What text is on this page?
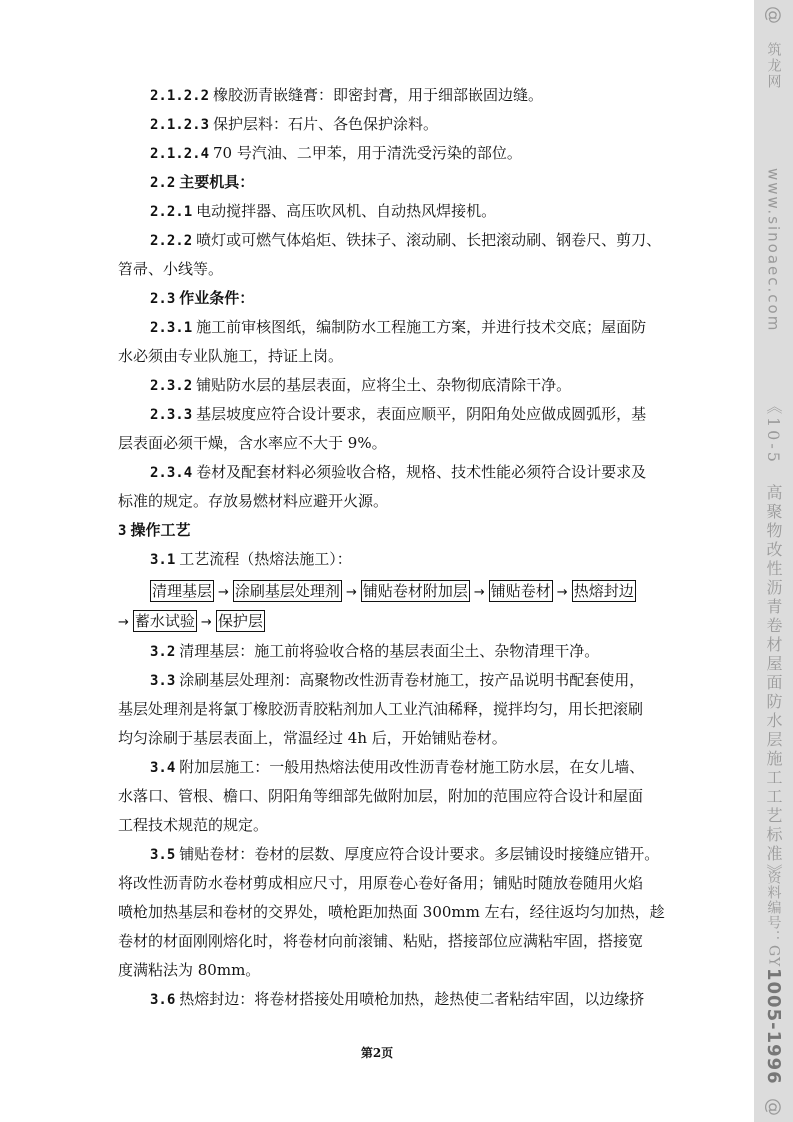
2.1.2.2 橡胶沥青嵌缝膏：即密封膏，用于细部嵌固边缝。
2.1.2.3 保护层料：石片、各色保护涂料。
2.1.2.4 70 号汽油、二甲苯，用于清洗受污染的部位。
2.2 主要机具：
2.2.1 电动搅拌器、高压吹风机、自动热风焊接机。
2.2.2 喷灯或可燃气体焰炬、铁抹子、滚动刷、长把滚动刷、钢卷尺、剪刀、
笤帚、小线等。
2.3 作业条件：
2.3.1 施工前审核图纸，编制防水工程施工方案，并进行技术交底；屋面防
水必须由专业队施工，持证上岗。
2.3.2 铺贴防水层的基层表面，应将尘土、杂物彻底清除干净。
2.3.3 基层坡度应符合设计要求，表面应顺平，阴阳角处应做成圆弧形，基
层表面必须干燥，含水率应不大于 9%。
2.3.4 卷材及配套材料必须验收合格，规格、技术性能必须符合设计要求及
标准的规定。存放易燃材料应避开火源。
3 操作工艺
3.1 工艺流程（热熔法施工）：
清理基层 → 涂刷基层处理剂 → 铺贴卷材附加层 → 铺贴卷材 → 热熔封边
→ 蓄水试验 → 保护层
3.2 清理基层：施工前将验收合格的基层表面尘土、杂物清理干净。
3.3 涂刷基层处理剂：高聚物改性沥青卷材施工，按产品说明书配套使用，
基层处理剂是将氯丁橡胶沥青胶粘剂加人工业汽油稀释，搅拌均匀，用长把滚刷
均匀涂刷于基层表面上，常温经过 4h 后，开始铺贴卷材。
3.4 附加层施工：一般用热熔法使用改性沥青卷材施工防水层，在女儿墙、
水落口、管根、檐口、阴阳角等细部先做附加层，附加的范围应符合设计和屋面
工程技术规范的规定。
3.5 铺贴卷材：卷材的层数、厚度应符合设计要求。多层铺设时接缝应错开。
将改性沥青防水卷材剪成相应尺寸，用原卷心卷好备用；铺贴时随放卷随用火焰
喷枪加热基层和卷材的交界处，喷枪距加热面 300mm 左右，经往返均匀加热，趁
卷材的材面刚刚熔化时，将卷材向前滚铺、粘贴，搭接部位应满粘牢固，搭接宽
度满粘法为 80mm。
3.6 热熔封边：将卷材搭接处用喷枪加热，趁热使二者粘结牢固，以边缘挤
第2页
@
筑龙网
www.sinoaec.com
《10-5　高聚物改性沥青卷材屋面防水层施工工艺标准》
资料编号：GY
1005-1996
@
